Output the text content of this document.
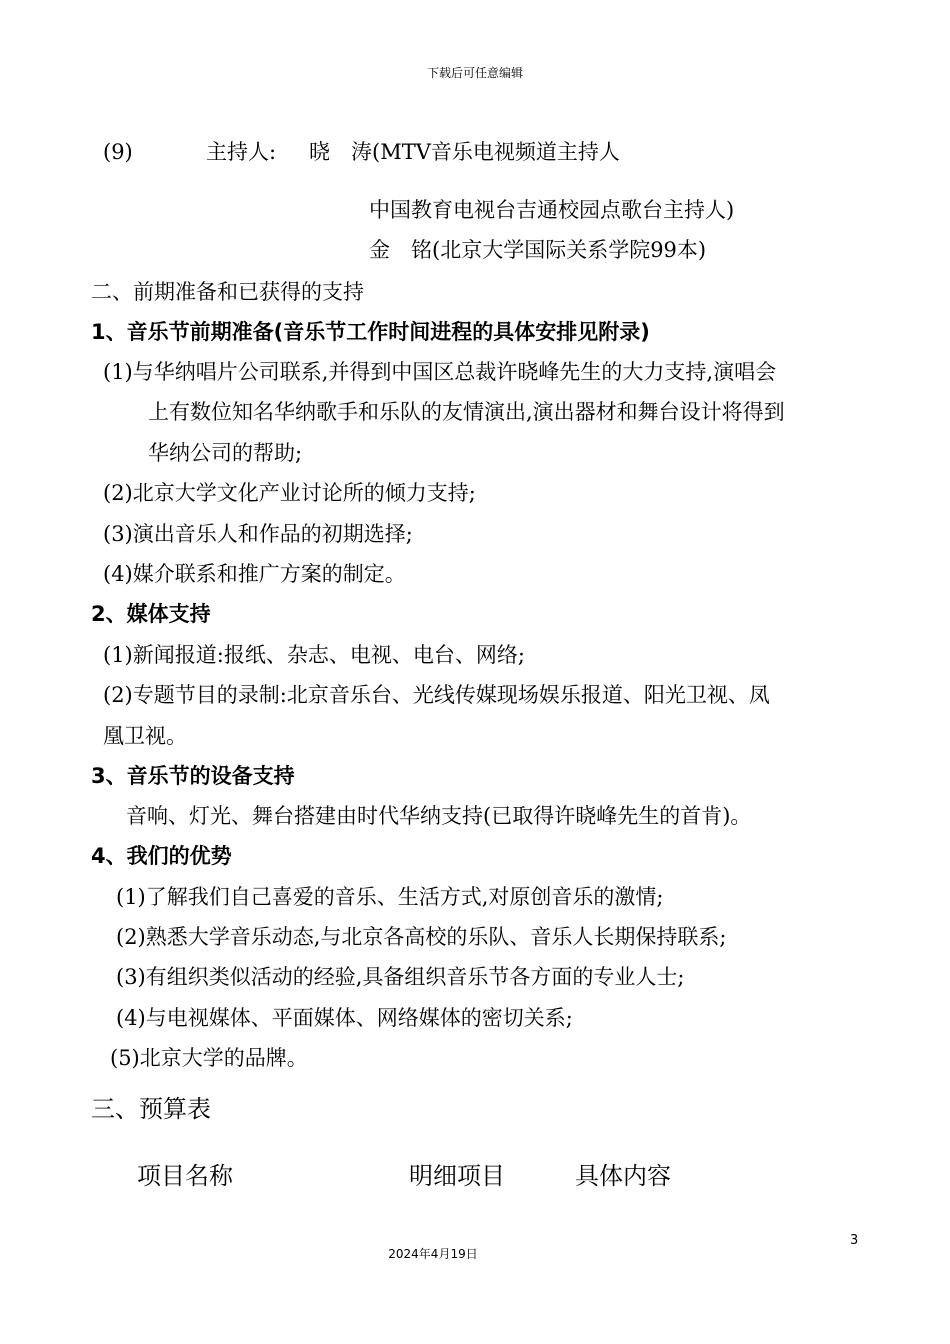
下载后可任意编辑
(9)	主持人: 晓　涛(MTV音乐电视频道主持人
中国教育电视台吉通校园点歌台主持人)
金　铭(北京大学国际关系学院99本)
二、前期准备和已获得的支持
1、音乐节前期准备(音乐节工作时间进程的具体安排见附录)
(1)与华纳唱片公司联系,并得到中国区总裁许晓峰先生的大力支持,演唱会
上有数位知名华纳歌手和乐队的友情演出,演出器材和舞台设计将得到
华纳公司的帮助;
(2)北京大学文化产业讨论所的倾力支持;
(3)演出音乐人和作品的初期选择;
(4)媒介联系和推广方案的制定。
2、媒体支持
(1)新闻报道:报纸、杂志、电视、电台、网络;
(2)专题节目的录制:北京音乐台、光线传媒现场娱乐报道、阳光卫视、凤
凰卫视。
3、音乐节的设备支持
音响、灯光、舞台搭建由时代华纳支持(已取得许晓峰先生的首肯)。
4、我们的优势
(1)了解我们自己喜爱的音乐、生活方式,对原创音乐的激情;
(2)熟悉大学音乐动态,与北京各高校的乐队、音乐人长期保持联系;
(3)有组织类似活动的经验,具备组织音乐节各方面的专业人士;
(4)与电视媒体、平面媒体、网络媒体的密切关系;
(5)北京大学的品牌。
三、预算表
项目名称	明细项目	具体内容
3
2024年4月19日
